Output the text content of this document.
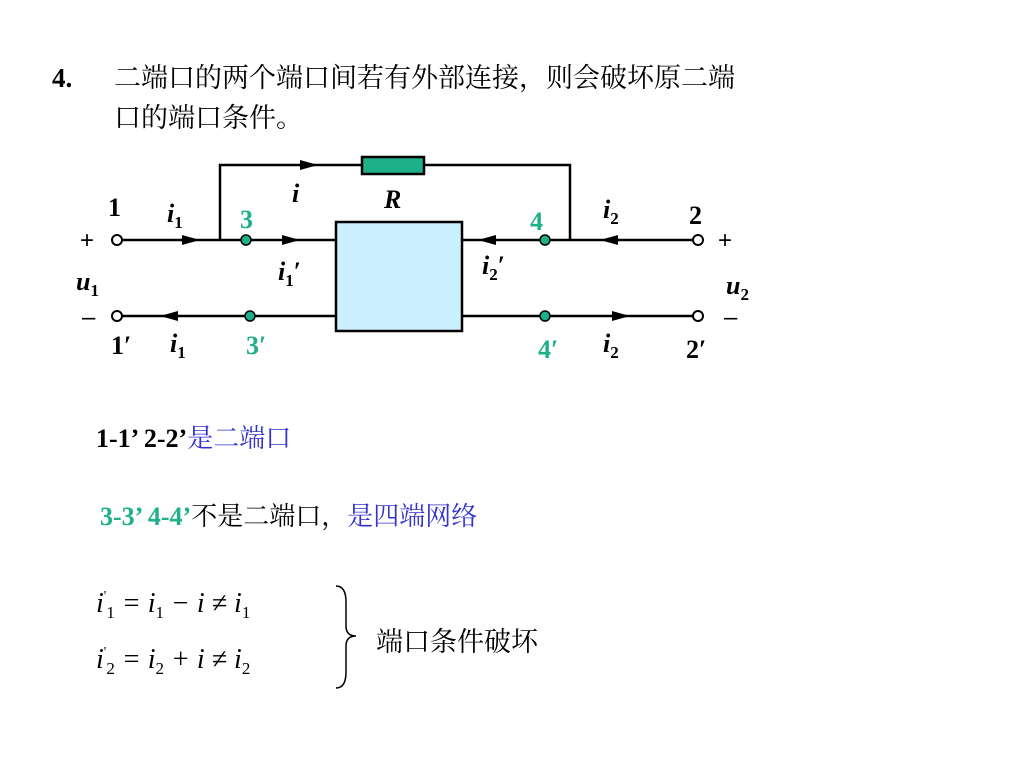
4. 二端口的两个端口间若有外部连接，则会破坏原二端
口的端口条件。
1
1′
2
2′
R
3	4
3′	4′
+
–
+
–
$u_1$	$u_2$
$i_1$
$i_1$
$i_2$
$i_2$
$i_1'$	$i_2'$
i
1-1’ 2-2’是二端口
3-3’ 4-4’不是二端口，是四端网络
$i'_1 = i_1 - i \ne i_1$
$i'_2 = i_2 + i \ne i_2$
端口条件破坏
